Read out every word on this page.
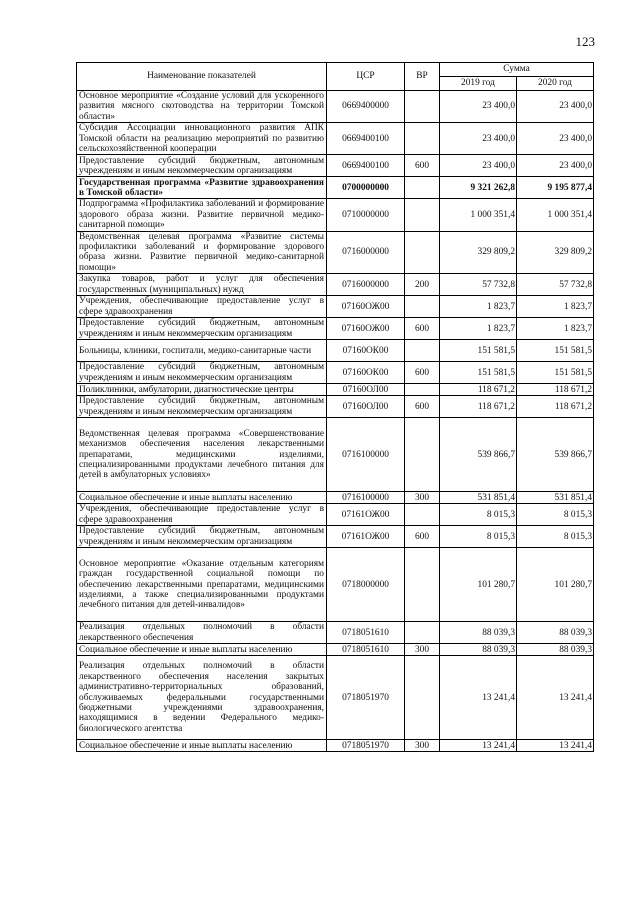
123
Наименование показателей	ЦСР	ВР	Сумма	
			2019 год	2020 год
Основное мероприятие «Создание условий для ускоренного развития мясного скотоводства на территории Томской области»	0669400000		23 400,0	23 400,0
Субсидия Ассоциации инновационного развития АПК Томской области на реализацию мероприятий по развитию сельскохозяйственной кооперации	0669400100		23 400,0	23 400,0
Предоставление субсидий бюджетным, автономным учреждениям и иным некоммерческим организациям	0669400100	600	23 400,0	23 400,0
Государственная программа «Развитие здравоохранения в Томской области»	0700000000		9 321 262,8	9 195 877,4
Подпрограмма «Профилактика заболеваний и формирование здорового образа жизни. Развитие первичной медико-санитарной помощи»	0710000000		1 000 351,4	1 000 351,4
Ведомственная целевая программа «Развитие системы профилактики заболеваний и формирование здорового образа жизни. Развитие первичной медико-санитарной помощи»	0716000000		329 809,2	329 809,2
Закупка товаров, работ и услуг для обеспечения государственных (муниципальных) нужд	0716000000	200	57 732,8	57 732,8
Учреждения, обеспечивающие предоставление услуг в сфере здравоохранения	07160ОЖ00		1 823,7	1 823,7
Предоставление субсидий бюджетным, автономным учреждениям и иным некоммерческим организациям	07160ОЖ00	600	1 823,7	1 823,7
Больницы, клиники, госпитали, медико-санитарные части	07160ОК00		151 581,5	151 581,5
Предоставление субсидий бюджетным, автономным учреждениям и иным некоммерческим организациям	07160ОК00	600	151 581,5	151 581,5
Поликлиники, амбулатории, диагностические центры	07160ОЛ00		118 671,2	118 671,2
Предоставление субсидий бюджетным, автономным учреждениям и иным некоммерческим организациям	07160ОЛ00	600	118 671,2	118 671,2
Ведомственная целевая программа «Совершенствование механизмов обеспечения населения лекарственными препаратами, медицинскими изделиями, специализированными продуктами лечебного питания для детей в амбулаторных условиях»	0716100000		539 866,7	539 866,7
Социальное обеспечение и иные выплаты населению	0716100000	300	531 851,4	531 851,4
Учреждения, обеспечивающие предоставление услуг в сфере здравоохранения	07161ОЖ00		8 015,3	8 015,3
Предоставление субсидий бюджетным, автономным учреждениям и иным некоммерческим организациям	07161ОЖ00	600	8 015,3	8 015,3
Основное мероприятие «Оказание отдельным категориям граждан государственной социальной помощи по обеспечению лекарственными препаратами, медицинскими изделиями, а также специализированными продуктами лечебного питания для детей-инвалидов»	0718000000		101 280,7	101 280,7
Реализация отдельных полномочий в области лекарственного обеспечения	0718051610		88 039,3	88 039,3
Социальное обеспечение и иные выплаты населению	0718051610	300	88 039,3	88 039,3
Реализация отдельных полномочий в области лекарственного обеспечения населения закрытых административно-территориальных образований, обслуживаемых федеральными государственными бюджетными учреждениями здравоохранения, находящимися в ведении Федерального медико-биологического агентства	0718051970		13 241,4	13 241,4
Социальное обеспечение и иные выплаты населению	0718051970	300	13 241,4	13 241,4
